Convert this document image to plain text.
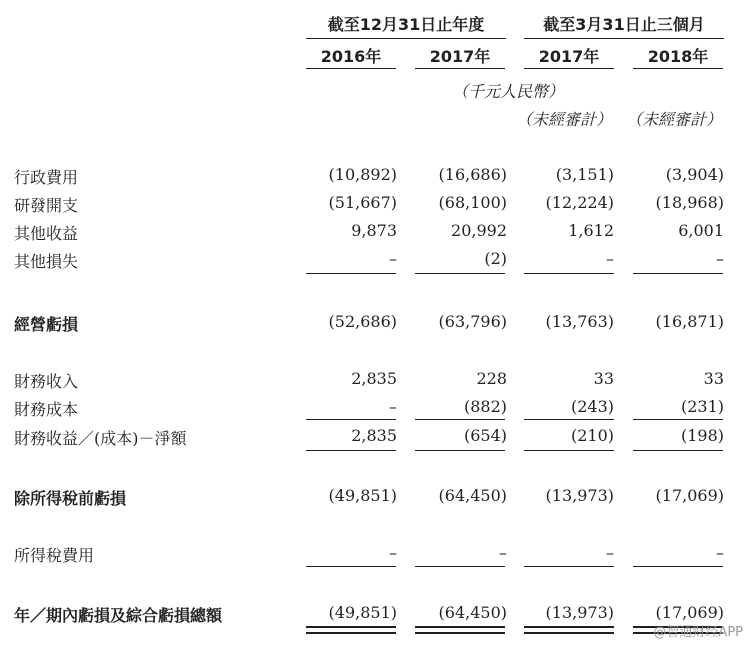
截至12月31日止年度	截至3月31日止三個月
2016年	2017年	2017年	2018年
（千元人民幣）
（未經審計） （未經審計）
行政費用	(10,892)	(16,686)	(3,151)	(3,904)
研發開支	(51,667)	(68,100)	(12,224)	(18,968)
其他收益	9,873	20,992	1,612	6,001
其他損失	–	(2)	–	–
經營虧損	(52,686)	(63,796)	(13,763)	(16,871)
財務收入	2,835	228	33	33
財務成本	–	(882)	(243)	(231)
財務收益／(成本)－淨額	2,835	(654)	(210)	(198)
除所得稅前虧損	(49,851)	(64,450)	(13,973)	(17,069)
所得稅費用	–	–	–	–
年／期內虧損及綜合虧損總額	(49,851)	(64,450)	(13,973)	(17,069)
@智通财经APP
